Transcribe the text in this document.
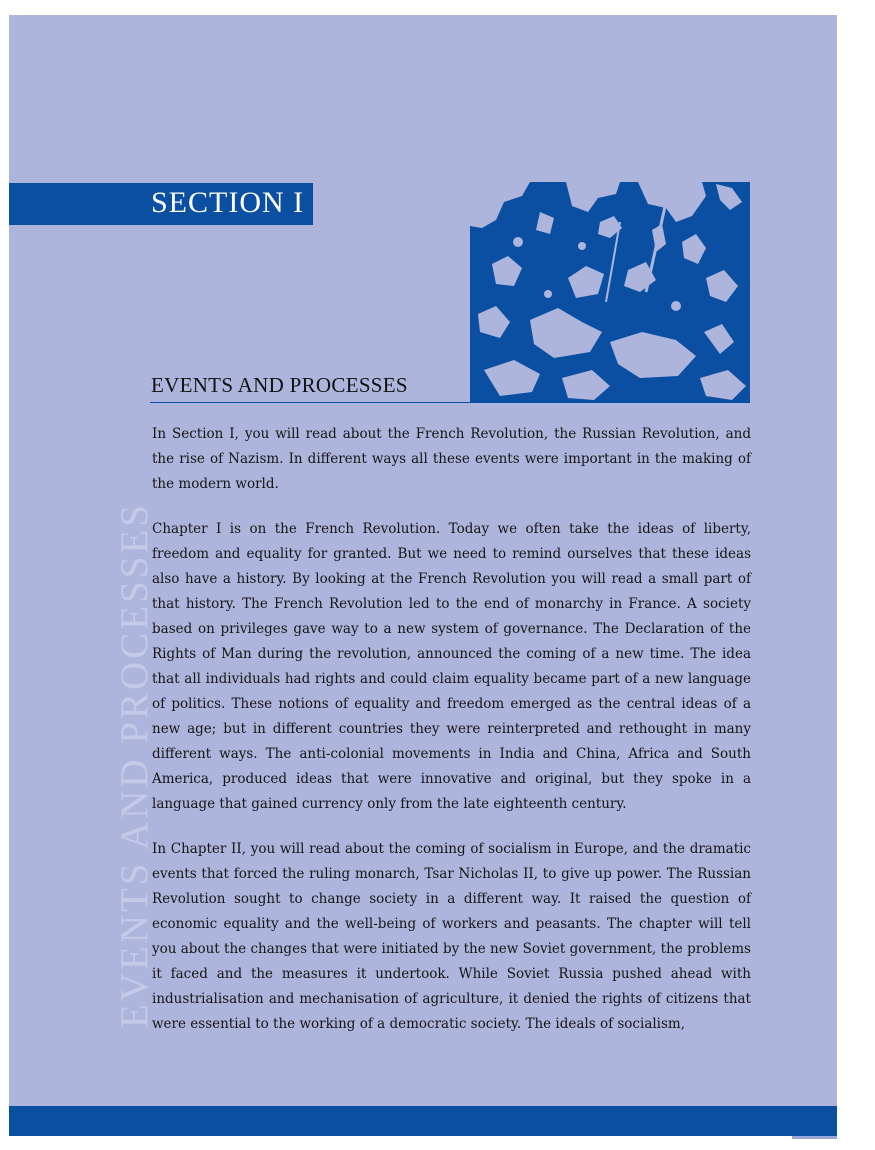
SECTION I
EVENTS AND PROCESSES
EVENTS AND PROCESSES

In Section I, you will read about the French Revolution, the Russian Revolution, and the rise of Nazism. In different ways all these events were important in the making of the modern world.

Chapter I is on the French Revolution. Today we often take the ideas of liberty, freedom and equality for granted. But we need to remind ourselves that these ideas also have a history. By looking at the French Revolution you will read a small part of that history. The French Revolution led to the end of monarchy in France. A society based on privileges gave way to a new system of governance. The Declaration of the Rights of Man during the revolution, announced the coming of a new time. The idea that all individuals had rights and could claim equality became part of a new language of politics. These notions of equality and freedom emerged as the central ideas of a new age; but in different countries they were reinterpreted and rethought in many different ways. The anti-colonial movements in India and China, Africa and South America, produced ideas that were innovative and original, but they spoke in a language that gained currency only from the late eighteenth century.

In Chapter II, you will read about the coming of socialism in Europe, and the dramatic events that forced the ruling monarch, Tsar Nicholas II, to give up power. The Russian Revolution sought to change society in a different way. It raised the question of economic equality and the well-being of workers and peasants. The chapter will tell you about the changes that were initiated by the new Soviet government, the problems it faced and the measures it undertook. While Soviet Russia pushed ahead with industrialisation and mechanisation of agriculture, it denied the rights of citizens that were essential to the working of a democratic society. The ideals of socialism,
